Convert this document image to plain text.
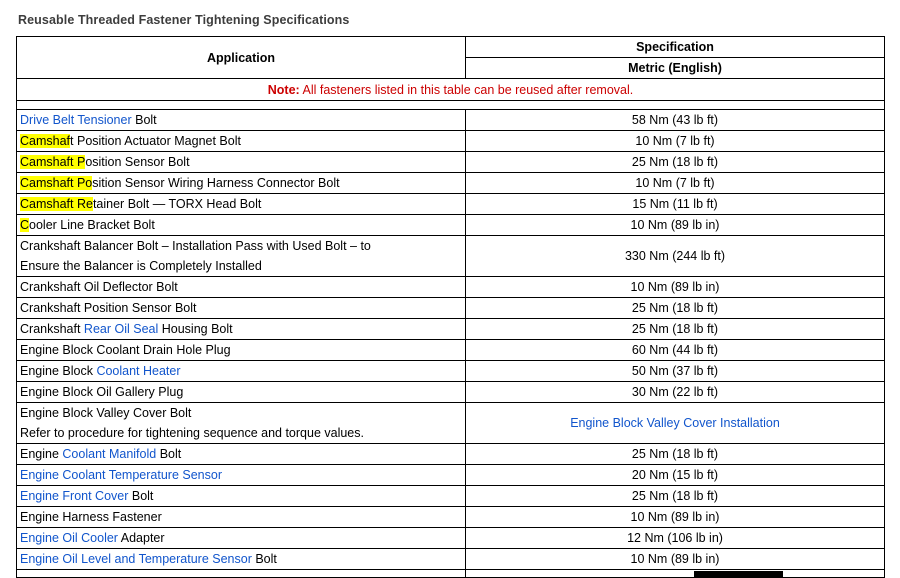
Reusable Threaded Fastener Tightening Specifications
Application	Specification
	Metric (English)
Note: All fasteners listed in this table can be reused after removal.	

Drive Belt Tensioner Bolt	58 Nm (43 lb ft)
Camshaft Position Actuator Magnet Bolt	10 Nm (7 lb ft)
Camshaft Position Sensor Bolt	25 Nm (18 lb ft)
Camshaft Position Sensor Wiring Harness Connector Bolt	10 Nm (7 lb ft)
Camshaft Retainer Bolt — TORX Head Bolt	15 Nm (11 lb ft)
Cooler Line Bracket Bolt	10 Nm (89 lb in)
Crankshaft Balancer Bolt – Installation Pass with Used Bolt – to
Ensure the Balancer is Completely Installed	330 Nm (244 lb ft)
Crankshaft Oil Deflector Bolt	10 Nm (89 lb in)
Crankshaft Position Sensor Bolt	25 Nm (18 lb ft)
Crankshaft Rear Oil Seal Housing Bolt	25 Nm (18 lb ft)
Engine Block Coolant Drain Hole Plug	60 Nm (44 lb ft)
Engine Block Coolant Heater	50 Nm (37 lb ft)
Engine Block Oil Gallery Plug	30 Nm (22 lb ft)
Engine Block Valley Cover Bolt
Refer to procedure for tightening sequence and torque values.	Engine Block Valley Cover Installation
Engine Coolant Manifold Bolt	25 Nm (18 lb ft)
Engine Coolant Temperature Sensor	20 Nm (15 lb ft)
Engine Front Cover Bolt	25 Nm (18 lb ft)
Engine Harness Fastener	10 Nm (89 lb in)
Engine Oil Cooler Adapter	12 Nm (106 lb in)
Engine Oil Level and Temperature Sensor Bolt	10 Nm (89 lb in)
